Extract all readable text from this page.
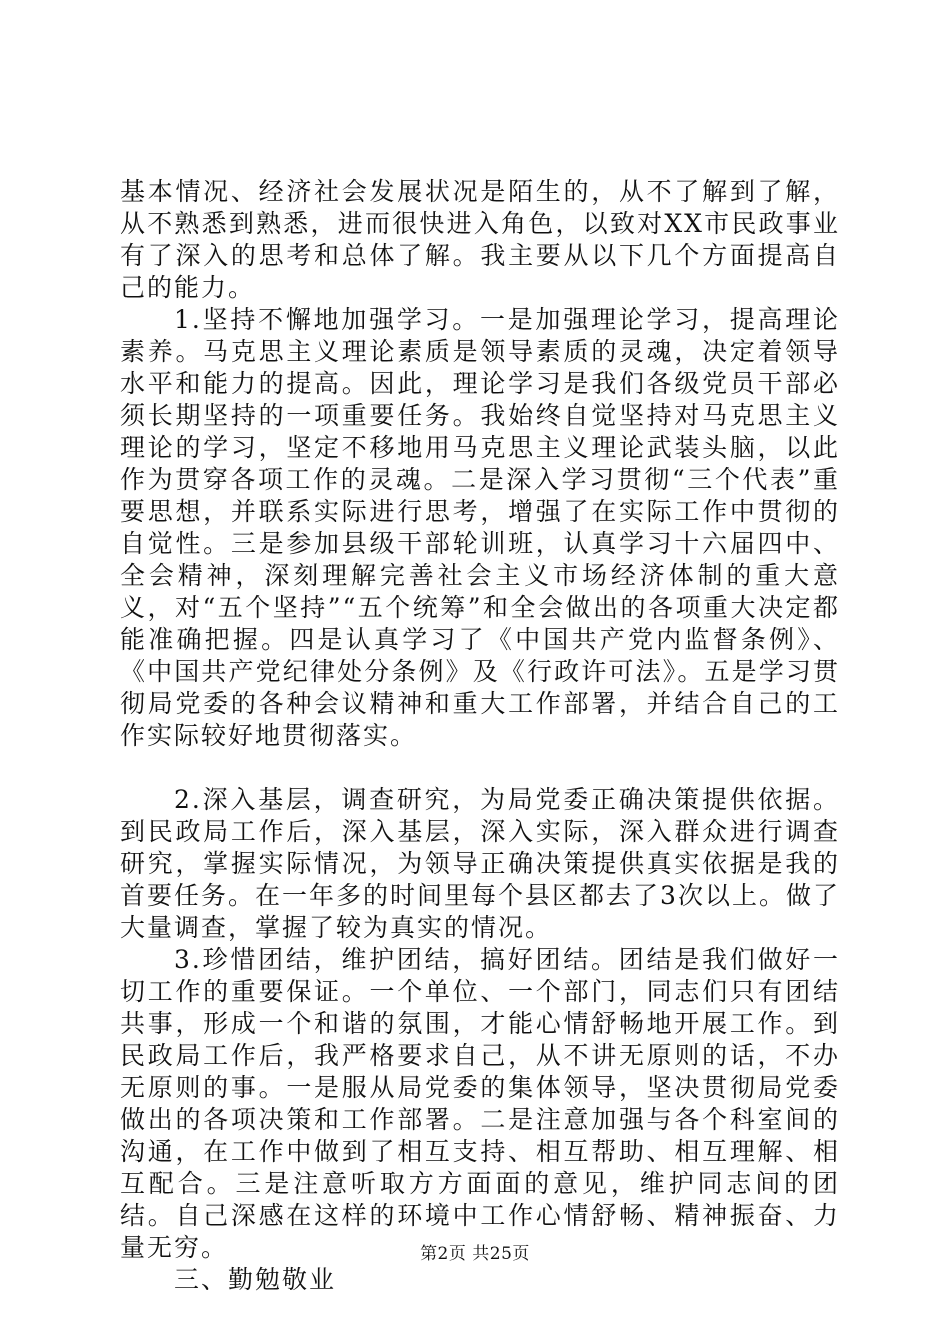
基本情况、经济社会发展状况是陌生的，从不了解到了解，从不熟悉到熟悉，进而很快进入角色，以致对XX市民政事业有了深入的思考和总体了解。我主要从以下几个方面提高自己的能力。

1.坚持不懈地加强学习。一是加强理论学习，提高理论素养。马克思主义理论素质是领导素质的灵魂，决定着领导水平和能力的提高。因此，理论学习是我们各级党员干部必须长期坚持的一项重要任务。我始终自觉坚持对马克思主义理论的学习，坚定不移地用马克思主义理论武装头脑，以此作为贯穿各项工作的灵魂。二是深入学习贯彻“三个代表”重要思想，并联系实际进行思考，增强了在实际工作中贯彻的自觉性。三是参加县级干部轮训班，认真学习十六届四中、全会精神，深刻理解完善社会主义市场经济体制的重大意义，对“五个坚持”“五个统筹”和全会做出的各项重大决定都能准确把握。四是认真学习了《中国共产党内监督条例》、《中国共产党纪律处分条例》及《行政许可法》。五是学习贯彻局党委的各种会议精神和重大工作部署，并结合自己的工作实际较好地贯彻落实。

2.深入基层，调查研究，为局党委正确决策提供依据。到民政局工作后，深入基层，深入实际，深入群众进行调查研究，掌握实际情况，为领导正确决策提供真实依据是我的首要任务。在一年多的时间里每个县区都去了3次以上。做了大量调查，掌握了较为真实的情况。

3.珍惜团结，维护团结，搞好团结。团结是我们做好一切工作的重要保证。一个单位、一个部门，同志们只有团结共事，形成一个和谐的氛围，才能心情舒畅地开展工作。到民政局工作后，我严格要求自己，从不讲无原则的话，不办无原则的事。一是服从局党委的集体领导，坚决贯彻局党委做出的各项决策和工作部署。二是注意加强与各个科室间的沟通，在工作中做到了相互支持、相互帮助、相互理解、相互配合。三是注意听取方方面面的意见，维护同志间的团结。自己深感在这样的环境中工作心情舒畅、精神振奋、力量无穷。

三、勤勉敬业

第2页 共25页
